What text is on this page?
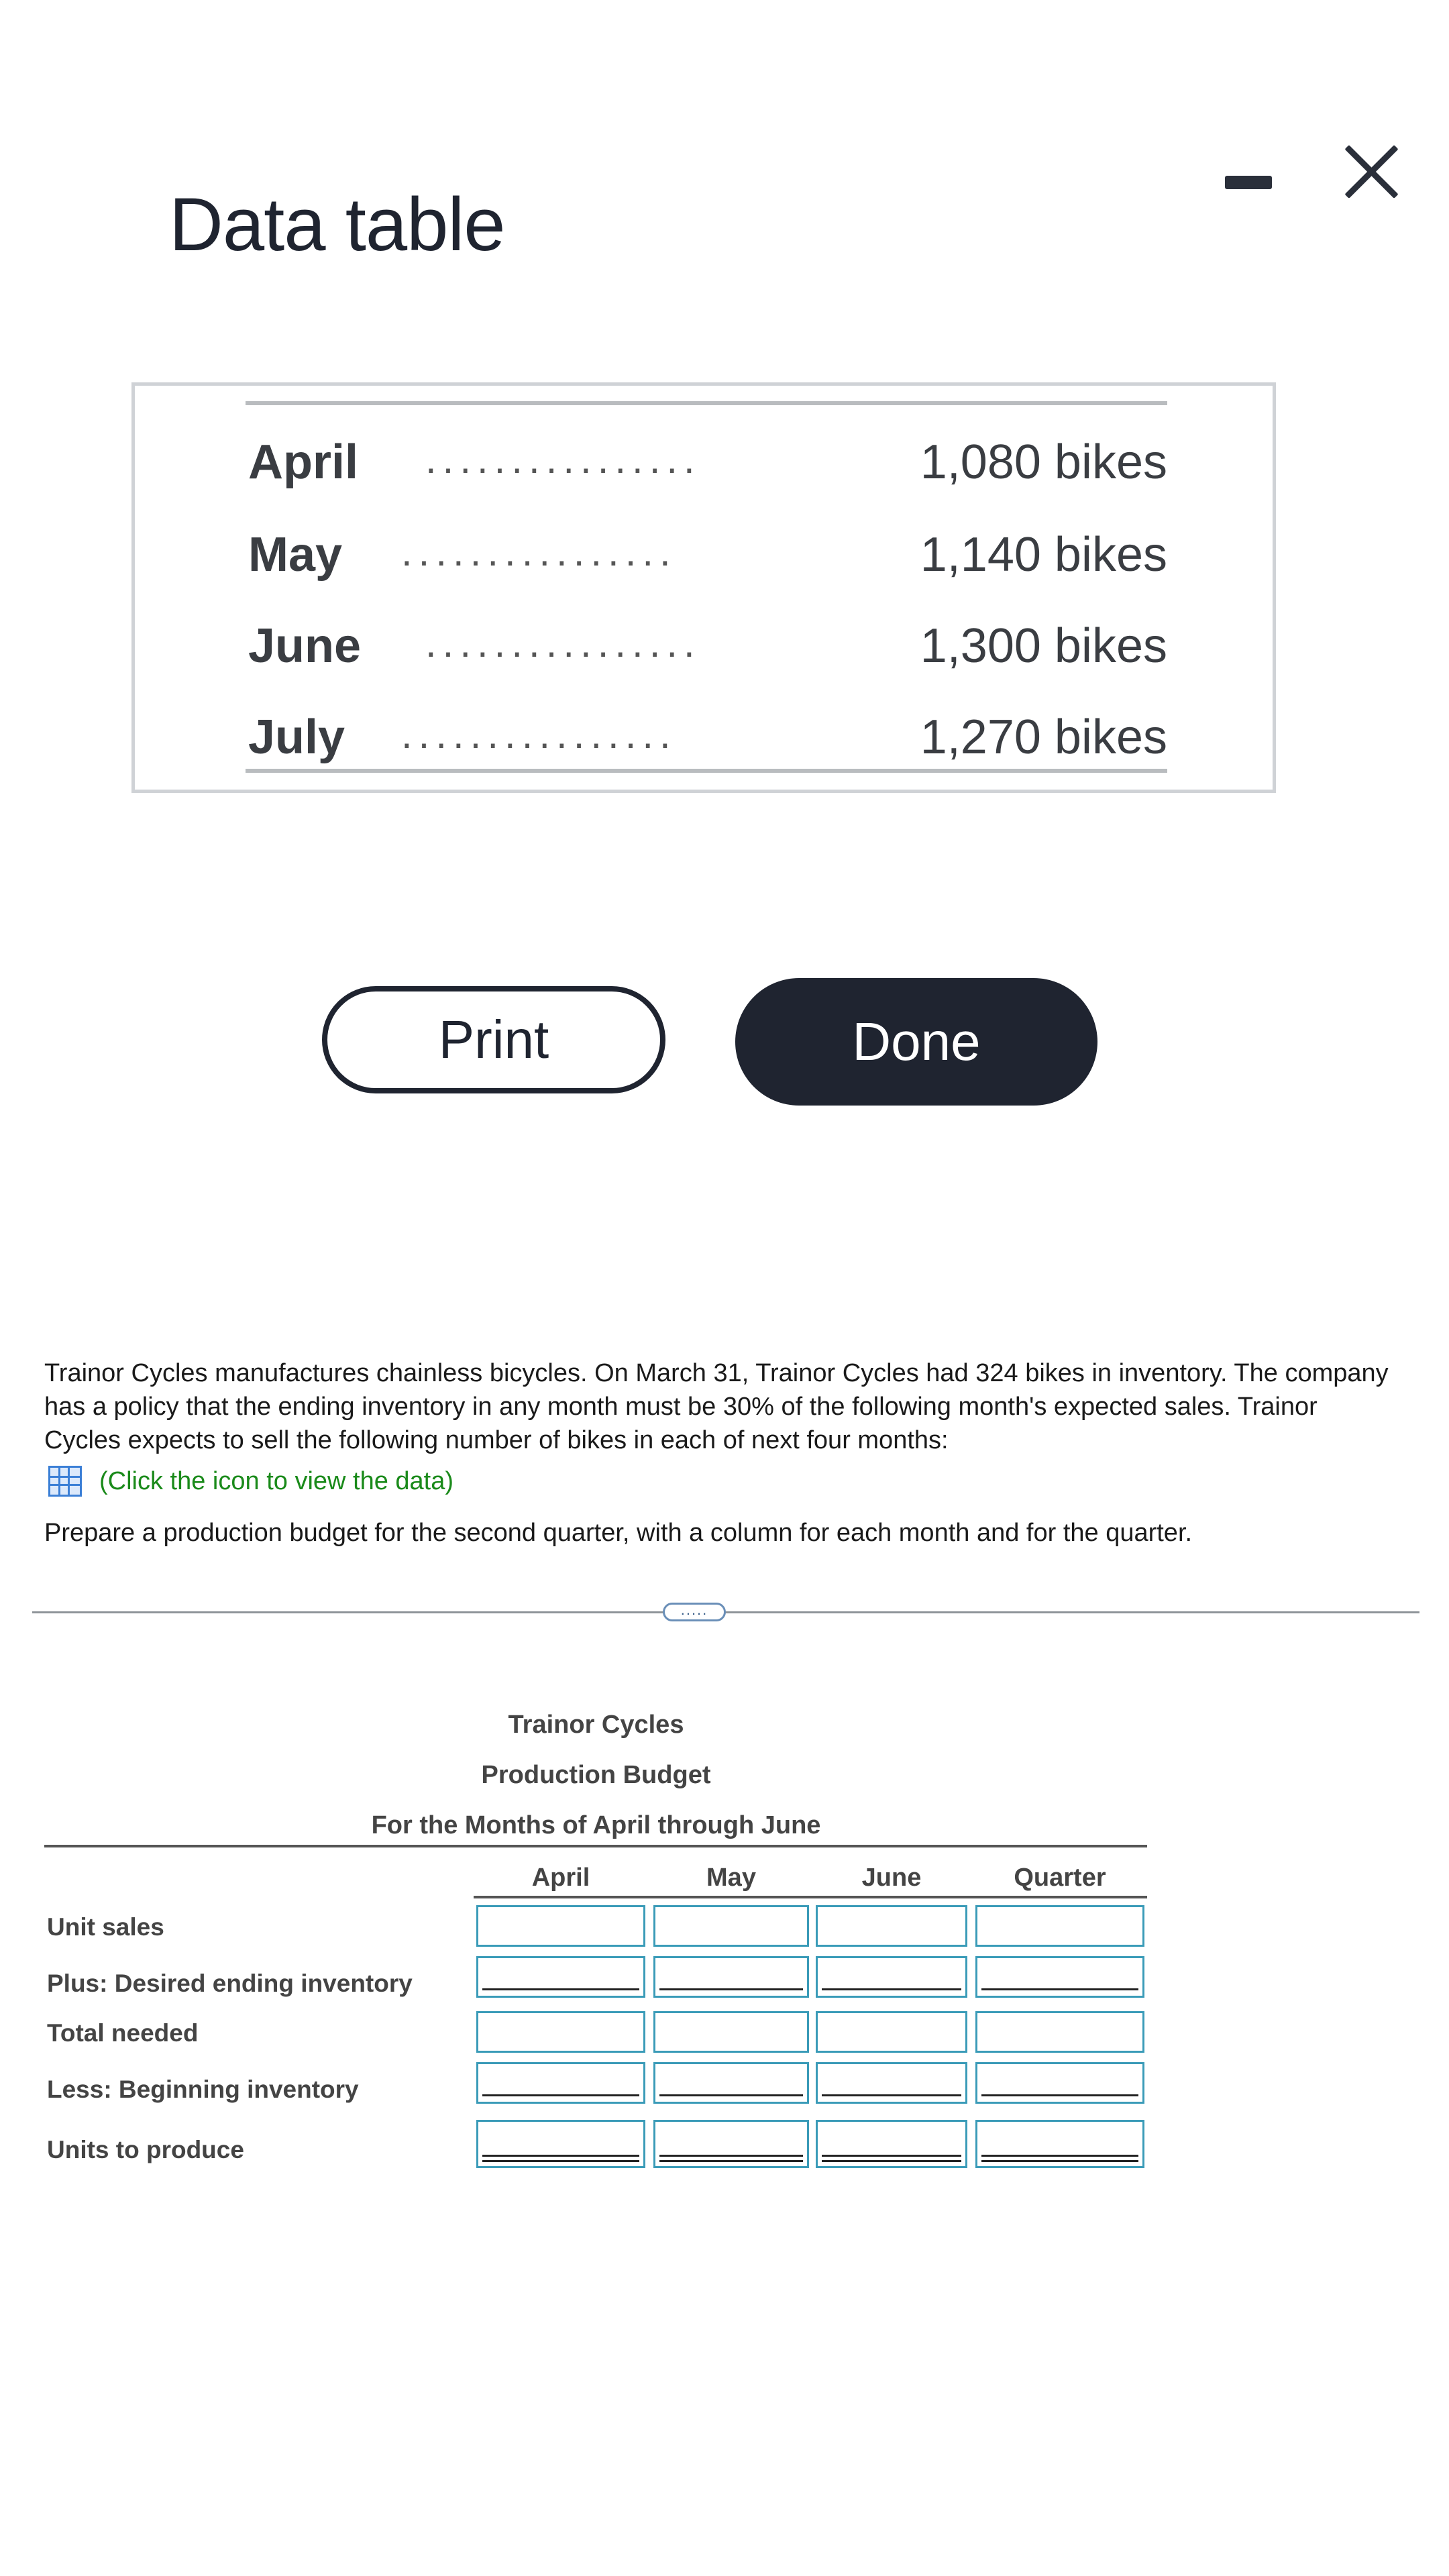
Data table
April ................	1,080 bikes
May ................	1,140 bikes
June ................	1,300 bikes
July ................	1,270 bikes
Print	Done
Trainor Cycles manufactures chainless bicycles. On March 31, Trainor Cycles had 324 bikes in inventory. The company has a policy that the ending inventory in any month must be 30% of the following month's expected sales. Trainor Cycles expects to sell the following number of bikes in each of next four months:
(Click the icon to view the data)
Prepare a production budget for the second quarter, with a column for each month and for the quarter.
.....
Trainor Cycles
Production Budget
For the Months of April through June
April	May	June	Quarter
Unit sales
Plus: Desired ending inventory
Total needed
Less: Beginning inventory
Units to produce
